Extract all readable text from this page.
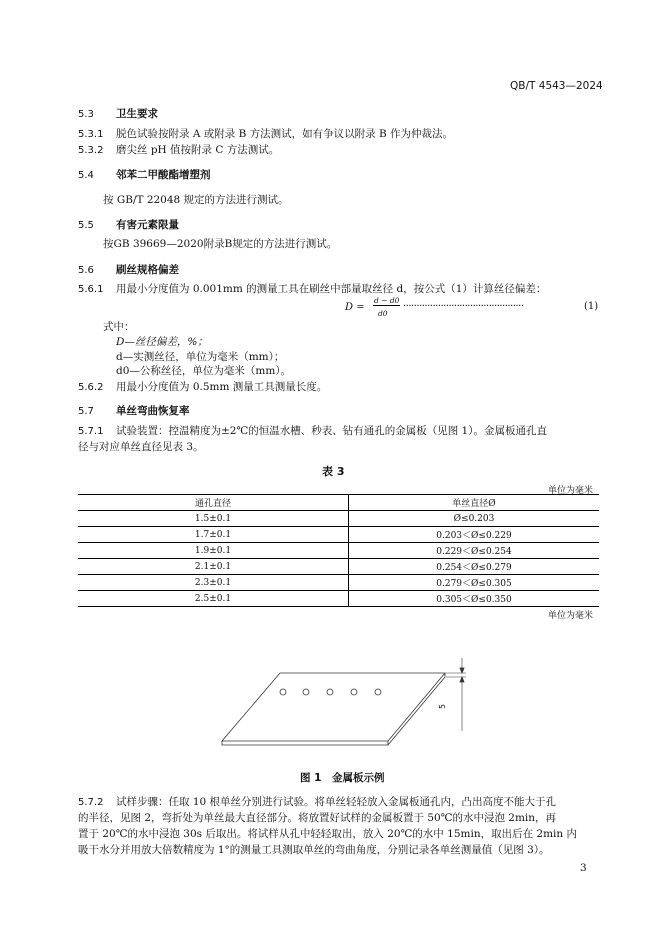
QB/T 4543—2024
5.3 卫生要求
5.3.1 脱色试验按附录 A 或附录 B 方法测试，如有争议以附录 B 作为仲裁法。
5.3.2 磨尖丝 pH 值按附录 C 方法测试。
5.4 邻苯二甲酸酯增塑剂
按 GB/T 22048 规定的方法进行测试。
5.5 有害元素限量
按GB 39669—2020附录B规定的方法进行测试。
5.6 刷丝规格偏差
5.6.1 用最小分度值为 0.001mm 的测量工具在刷丝中部量取丝径 d，按公式（1）计算丝径偏差：
D =
d − d0
d0
·············································	(1)
式中：
D—丝径偏差，%；
d—实测丝径，单位为毫米（mm）；
d0—公称丝径，单位为毫米（mm）。
5.6.2 用最小分度值为 0.5mm 测量工具测量长度。
5.7 单丝弯曲恢复率
5.7.1 试验装置：控温精度为±2℃的恒温水槽、秒表、钻有通孔的金属板（见图 1）。金属板通孔直
径与对应单丝直径见表 3。
表 3
单位为毫米
通孔直径	单丝直径Ø
1.5±0.1	Ø≤0.203
1.7±0.1	0.203＜Ø≤0.229
1.9±0.1	0.229＜Ø≤0.254
2.1±0.1	0.254＜Ø≤0.279
2.3±0.1	0.279＜Ø≤0.305
2.5±0.1	0.305＜Ø≤0.350
单位为毫米
5
图 1　金属板示例
5.7.2 试样步骤：任取 10 根单丝分别进行试验。将单丝轻轻放入金属板通孔内，凸出高度不能大于孔
的半径，见图 2，弯折处为单丝最大直径部分。将放置好试样的金属板置于 50℃的水中浸泡 2min，再
置于 20℃的水中浸泡 30s 后取出。将试样从孔中轻轻取出，放入 20℃的水中 15min，取出后在 2min 内
吸干水分并用放大倍数精度为 1°的测量工具测取单丝的弯曲角度，分别记录各单丝测量值（见图 3）。
3
